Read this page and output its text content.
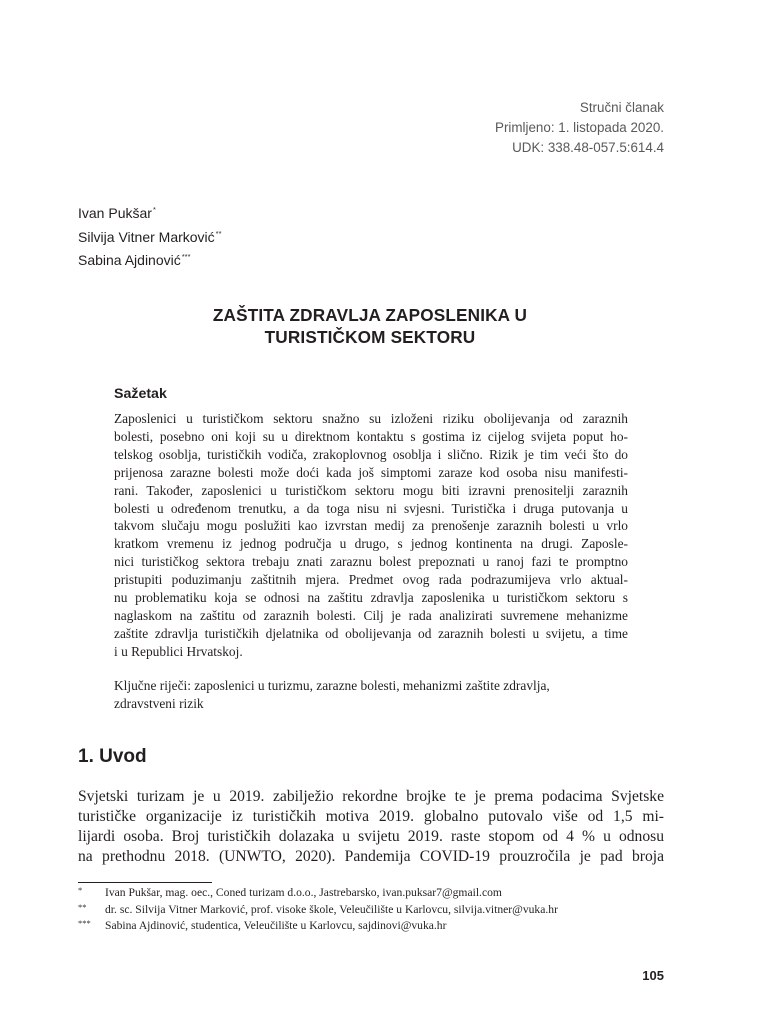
Stručni članak
Primljeno: 1. listopada 2020.
UDK: 338.48-057.5:614.4
Ivan Pukšar*
Silvija Vitner Marković**
Sabina Ajdinović***
ZAŠTITA ZDRAVLJA ZAPOSLENIKA U
TURISTIČKOM SEKTORU
Sažetak
Zaposlenici u turističkom sektoru snažno su izloženi riziku obolijevanja od zaraznih
bolesti, posebno oni koji su u direktnom kontaktu s gostima iz cijelog svijeta poput ho-
telskog osoblja, turističkih vodiča, zrakoplovnog osoblja i slično. Rizik je tim veći što do
prijenosa zarazne bolesti može doći kada još simptomi zaraze kod osoba nisu manifesti-
rani. Također, zaposlenici u turističkom sektoru mogu biti izravni prenositelji zaraznih
bolesti u određenom trenutku, a da toga nisu ni svjesni. Turistička i druga putovanja u
takvom slučaju mogu poslužiti kao izvrstan medij za prenošenje zaraznih bolesti u vrlo
kratkom vremenu iz jednog područja u drugo, s jednog kontinenta na drugi. Zaposle-
nici turističkog sektora trebaju znati zaraznu bolest prepoznati u ranoj fazi te promptno
pristupiti poduzimanju zaštitnih mjera. Predmet ovog rada podrazumijeva vrlo aktual-
nu problematiku koja se odnosi na zaštitu zdravlja zaposlenika u turističkom sektoru s
naglaskom na zaštitu od zaraznih bolesti. Cilj je rada analizirati suvremene mehanizme
zaštite zdravlja turističkih djelatnika od obolijevanja od zaraznih bolesti u svijetu, a time
i u Republici Hrvatskoj.
Ključne riječi: zaposlenici u turizmu, zarazne bolesti, mehanizmi zaštite zdravlja,
zdravstveni rizik
1. Uvod
Svjetski turizam je u 2019. zabilježio rekordne brojke te je prema podacima Svjetske
turističke organizacije iz turističkih motiva 2019. globalno putovalo više od 1,5 mi-
lijardi osoba. Broj turističkih dolazaka u svijetu 2019. raste stopom od 4 % u odnosu
na prethodnu 2018. (UNWTO, 2020). Pandemija COVID-19 prouzročila je pad broja
* Ivan Pukšar, mag. oec., Coned turizam d.o.o., Jastrebarsko, ivan.puksar7@gmail.com
** dr. sc. Silvija Vitner Marković, prof. visoke škole, Veleučilište u Karlovcu, silvija.vitner@vuka.hr
*** Sabina Ajdinović, studentica, Veleučilište u Karlovcu, sajdinovi@vuka.hr
105
